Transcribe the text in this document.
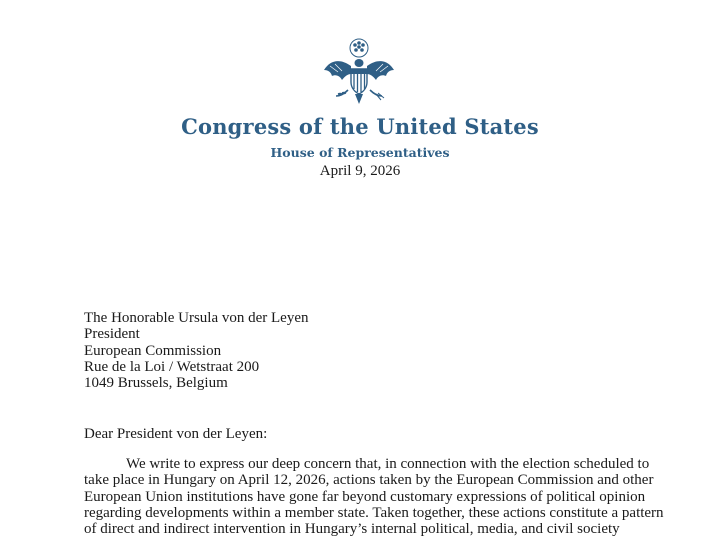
Congress of the United States
House of Representatives
April 9, 2026
The Honorable Ursula von der Leyen
President
European Commission
Rue de la Loi / Wetstraat 200
1049 Brussels, Belgium
Dear President von der Leyen:
We write to express our deep concern that, in connection with the election scheduled to
take place in Hungary on April 12, 2026, actions taken by the European Commission and other
European Union institutions have gone far beyond customary expressions of political opinion
regarding developments within a member state. Taken together, these actions constitute a pattern
of direct and indirect intervention in Hungary’s internal political, media, and civil society
